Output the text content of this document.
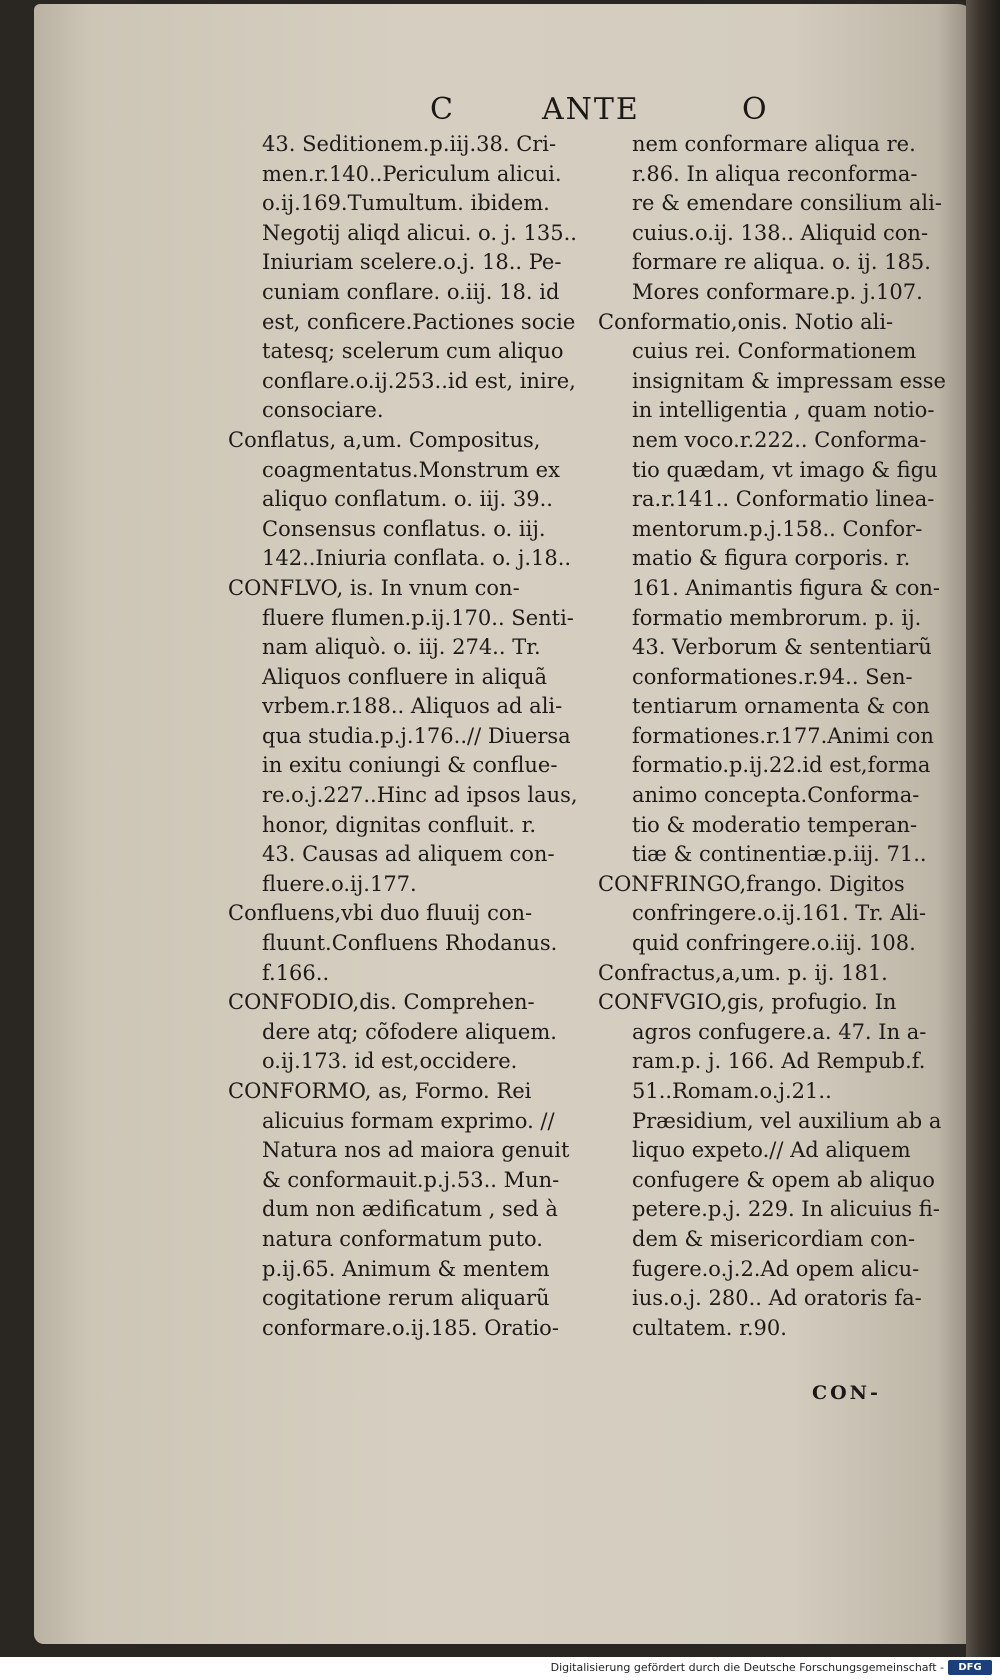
C	ANTE	O
43. Seditionem.p.iij.38. Cri-
men.r.140..Periculum alicui.
o.ij.169.Tumultum. ibidem.
Negotij aliqd alicui. o. j. 135..
Iniuriam scelere.o.j. 18.. Pe-
cuniam conflare. o.iij. 18. id
est, conficere.Pactiones socie
tatesq; scelerum cum aliquo
conflare.o.ij.253..id est, inire,
consociare.
Conflatus, a,um. Compositus,
coagmentatus.Monstrum ex
aliquo conflatum. o. iij. 39..
Consensus conflatus. o. iij.
142..Iniuria conflata. o. j.18..
CONFLVO, is. In vnum con-
fluere flumen.p.ij.170.. Senti-
nam aliquò. o. iij. 274.. Tr.
Aliquos confluere in aliquã
vrbem.r.188.. Aliquos ad ali-
qua studia.p.j.176..// Diuersa
in exitu coniungi & conflue-
re.o.j.227..Hinc ad ipsos laus,
honor, dignitas confluit. r.
43. Causas ad aliquem con-
fluere.o.ij.177.
Confluens,vbi duo fluuij con-
fluunt.Confluens Rhodanus.
f.166..
CONFODIO,dis. Comprehen-
dere atq; cõfodere aliquem.
o.ij.173. id est,occidere.
CONFORMO, as, Formo. Rei
alicuius formam exprimo. //
Natura nos ad maiora genuit
& conformauit.p.j.53.. Mun-
dum non ædificatum , sed à
natura conformatum puto.
p.ij.65. Animum & mentem
cogitatione rerum aliquarũ
conformare.o.ij.185. Oratio-
nem conformare aliqua re.
r.86. In aliqua reconforma-
re & emendare consilium ali-
cuius.o.ij. 138.. Aliquid con-
formare re aliqua. o. ij. 185.
Mores conformare.p. j.107.
Conformatio,onis. Notio ali-
cuius rei. Conformationem
insignitam & impressam esse
in intelligentia , quam notio-
nem voco.r.222.. Conforma-
tio quædam, vt imago & figu
ra.r.141.. Conformatio linea-
mentorum.p.j.158.. Confor-
matio & figura corporis. r.
161. Animantis figura & con-
formatio membrorum. p. ij.
43. Verborum & sententiarũ
conformationes.r.94.. Sen-
tentiarum ornamenta & con
formationes.r.177.Animi con
formatio.p.ij.22.id est,forma
animo concepta.Conforma-
tio & moderatio temperan-
tiæ & continentiæ.p.iij. 71..
CONFRINGO,frango. Digitos
confringere.o.ij.161. Tr. Ali-
quid confringere.o.iij. 108.
Confractus,a,um. p. ij. 181.
CONFVGIO,gis, profugio. In
agros confugere.a. 47. In a-
ram.p. j. 166. Ad Rempub.f.
51..Romam.o.j.21..
Præsidium, vel auxilium ab a
liquo expeto.// Ad aliquem
confugere & opem ab aliquo
petere.p.j. 229. In alicuius fi-
dem & misericordiam con-
fugere.o.j.2.Ad opem alicu-
ius.o.j. 280.. Ad oratoris fa-
cultatem. r.90.
CON-
Digitalisierung gefördert durch die Deutsche Forschungsgemeinschaft -	DFG
